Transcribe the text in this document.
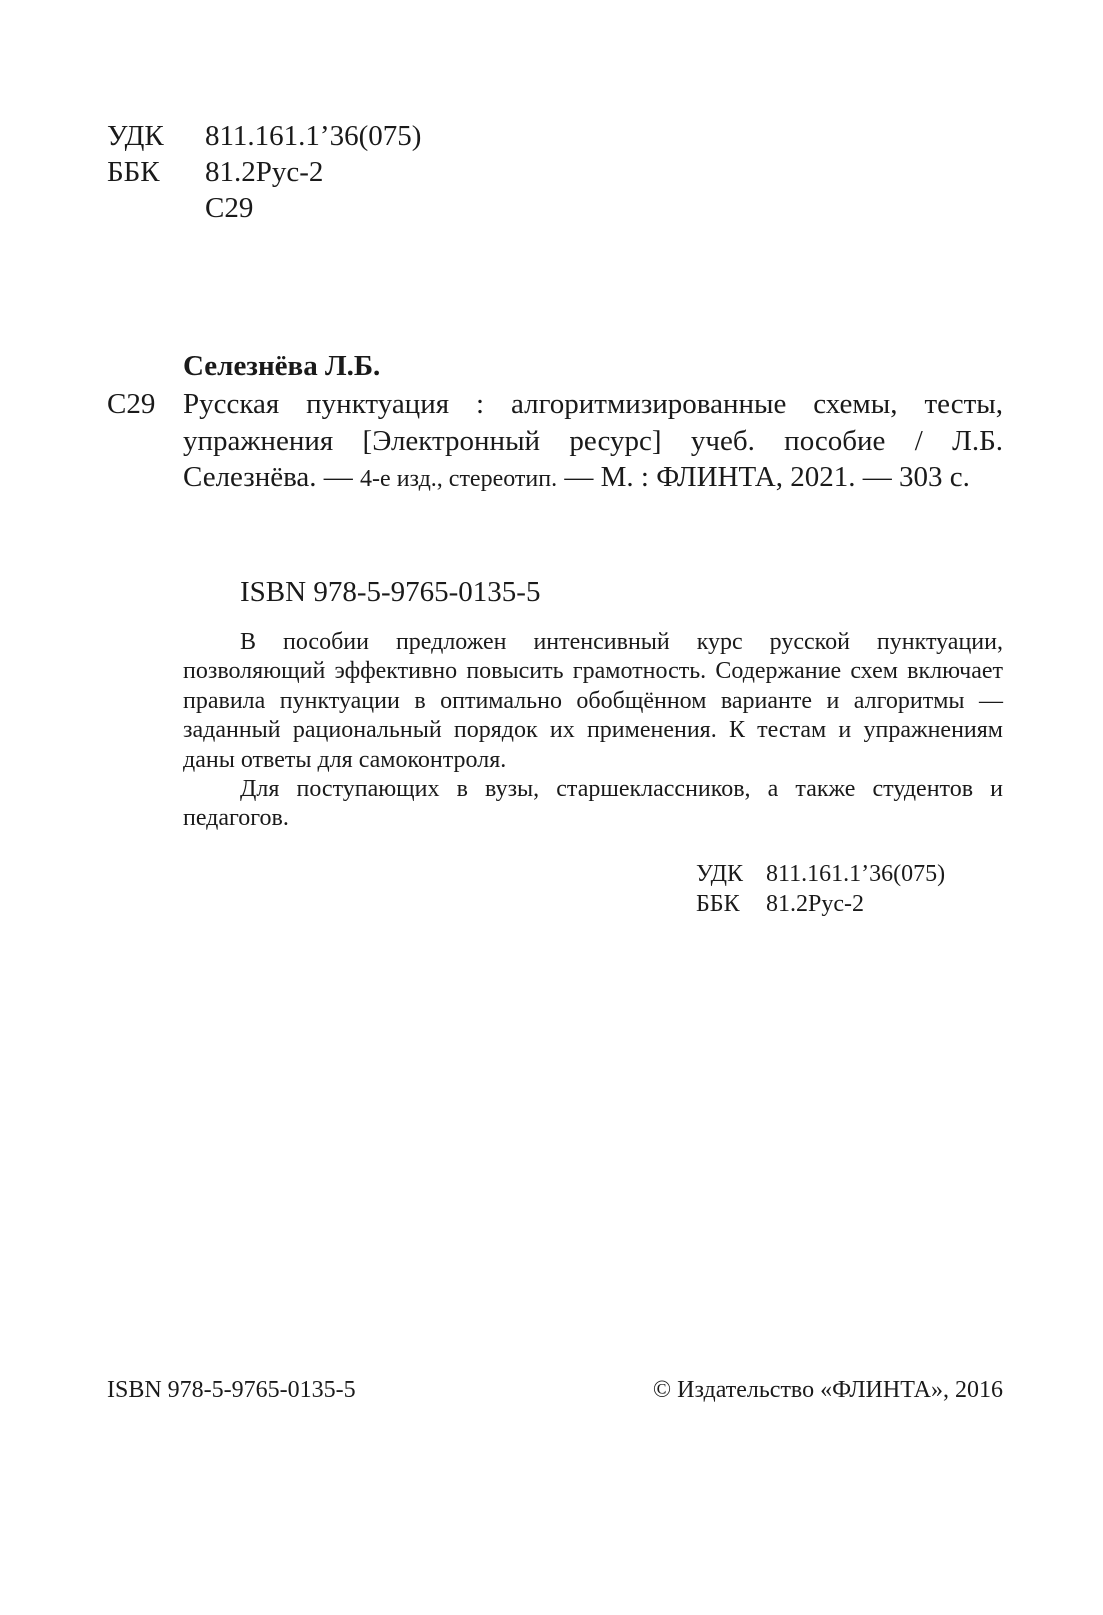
УДК 811.161.1’36(075)
ББК 81.2Рус-2
С29
Селезнёва Л.Б.
С29 Русская пунктуация : алгоритмизированные схемы, тесты, упражнения [Электронный ресурс] учеб. пособие / Л.Б. Селезнёва. — 4-е изд., стереотип. — М. : ФЛИНТА, 2021. — 303 с.
ISBN 978-5-9765-0135-5

В пособии предложен интенсивный курс русской пунктуации, позволяющий эффективно повысить грамотность. Содержание схем включает правила пунктуации в оптимально обобщённом варианте и алгоритмы — заданный рациональный порядок их применения. К тестам и упражнениям даны ответы для самоконтроля.

Для поступающих в вузы, старшеклассников, а также студентов и педагогов.

УДК 811.161.1’36(075)
ББК 81.2Рус-2
ISBN 978-5-9765-0135-5	© Издательство «ФЛИНТА», 2016
